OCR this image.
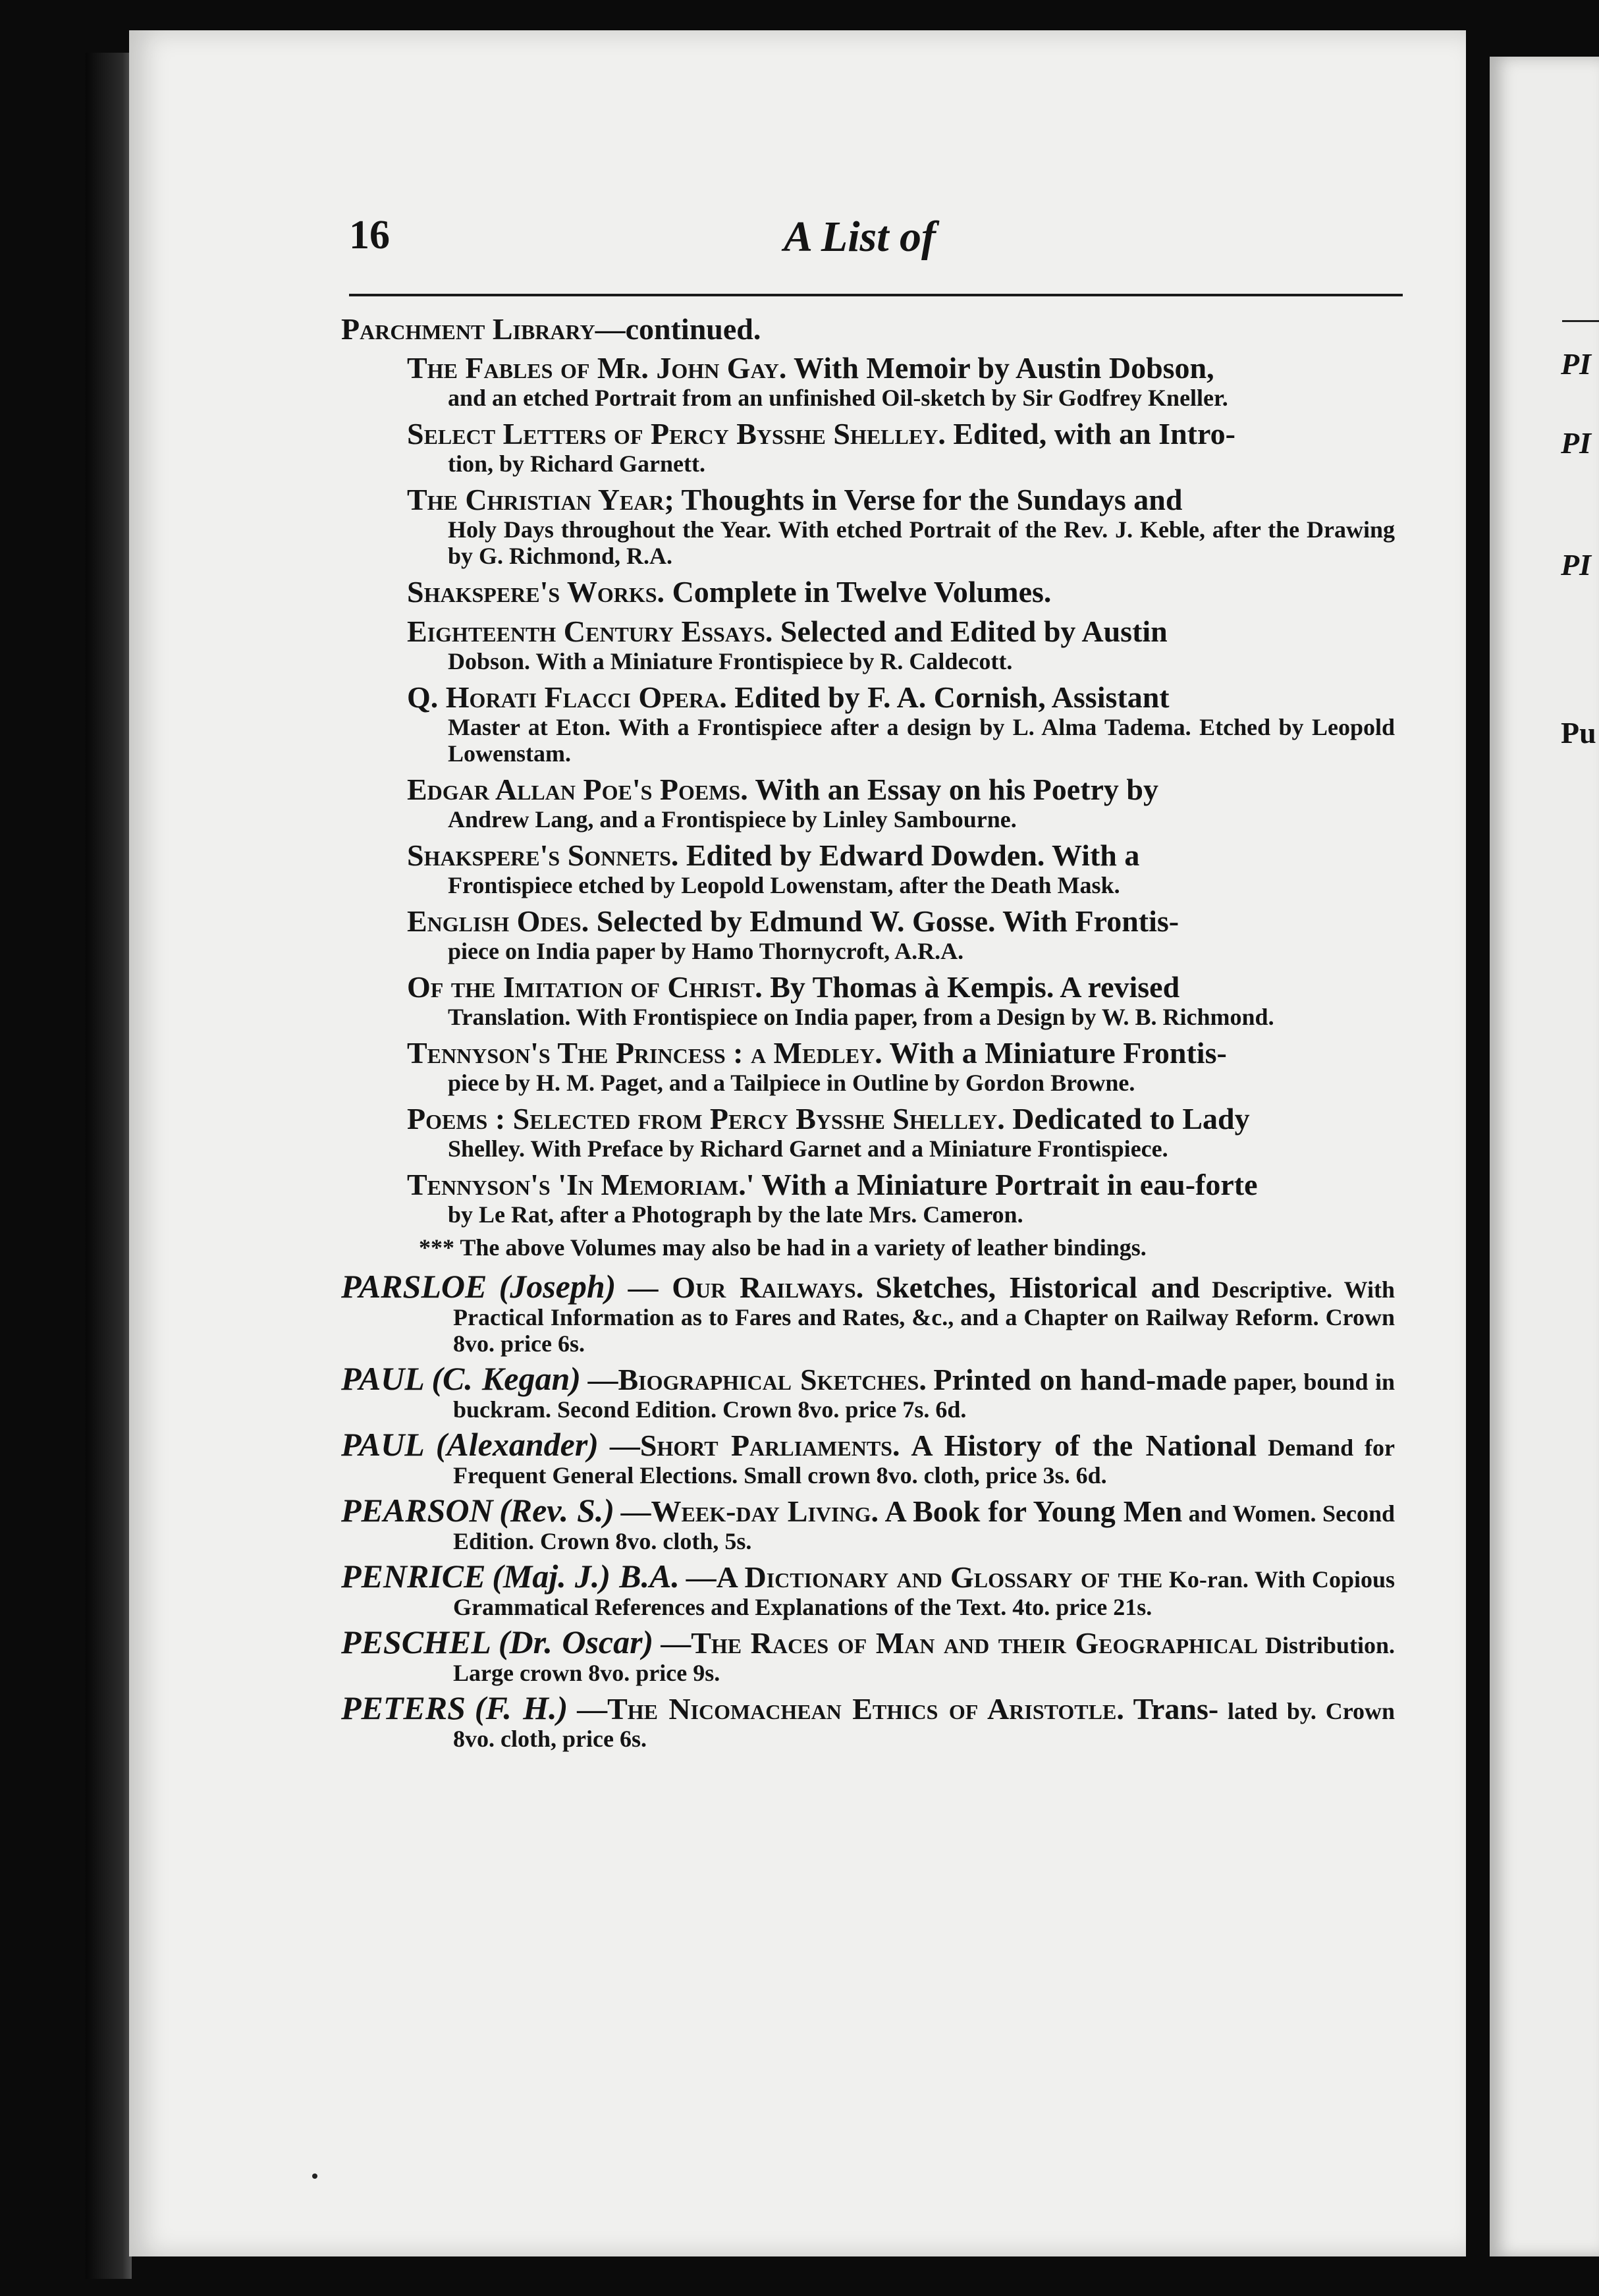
PI
PI
PI
Pu
16	A List of
Parchment Library—continued.
The Fables of Mr. John Gay. With Memoir by Austin Dobson,
and an etched Portrait from an unfinished Oil-sketch by Sir Godfrey Kneller.
Select Letters of Percy Bysshe Shelley. Edited, with an Intro-
tion, by Richard Garnett.
The Christian Year; Thoughts in Verse for the Sundays and
Holy Days throughout the Year. With etched Portrait of the Rev. J. Keble, after the Drawing by G. Richmond, R.A.
Shakspere's Works. Complete in Twelve Volumes.
Eighteenth Century Essays. Selected and Edited by Austin
Dobson. With a Miniature Frontispiece by R. Caldecott.
Q. Horati Flacci Opera. Edited by F. A. Cornish, Assistant
Master at Eton. With a Frontispiece after a design by L. Alma Tadema. Etched by Leopold Lowenstam.
Edgar Allan Poe's Poems. With an Essay on his Poetry by
Andrew Lang, and a Frontispiece by Linley Sambourne.
Shakspere's Sonnets. Edited by Edward Dowden. With a
Frontispiece etched by Leopold Lowenstam, after the Death Mask.
English Odes. Selected by Edmund W. Gosse. With Frontis-
piece on India paper by Hamo Thornycroft, A.R.A.
Of the Imitation of Christ. By Thomas à Kempis. A revised
Translation. With Frontispiece on India paper, from a Design by W. B. Richmond.
Tennyson's The Princess : a Medley. With a Miniature Frontis-
piece by H. M. Paget, and a Tailpiece in Outline by Gordon Browne.
Poems : Selected from Percy Bysshe Shelley. Dedicated to Lady
Shelley. With Preface by Richard Garnet and a Miniature Frontispiece.
Tennyson's 'In Memoriam.' With a Miniature Portrait in eau-forte
by Le Rat, after a Photograph by the late Mrs. Cameron.
*** The above Volumes may also be had in a variety of leather bindings.
PARSLOE (Joseph) — Our Railways. Sketches, Historical and Descriptive. With Practical Information as to Fares and Rates, &c., and a Chapter on Railway Reform. Crown 8vo. price 6s.
PAUL (C. Kegan) —Biographical Sketches. Printed on hand-made paper, bound in buckram. Second Edition. Crown 8vo. price 7s. 6d.
PAUL (Alexander) —Short Parliaments. A History of the National Demand for Frequent General Elections. Small crown 8vo. cloth, price 3s. 6d.
PEARSON (Rev. S.) —Week-day Living. A Book for Young Men and Women. Second Edition. Crown 8vo. cloth, 5s.
PENRICE (Maj. J.) B.A. —A Dictionary and Glossary of the Ko-ran. With Copious Grammatical References and Explanations of the Text. 4to. price 21s.
PESCHEL (Dr. Oscar) —The Races of Man and their Geographical Distribution. Large crown 8vo. price 9s.
PETERS (F. H.) —The Nicomachean Ethics of Aristotle. Trans- lated by. Crown 8vo. cloth, price 6s.
